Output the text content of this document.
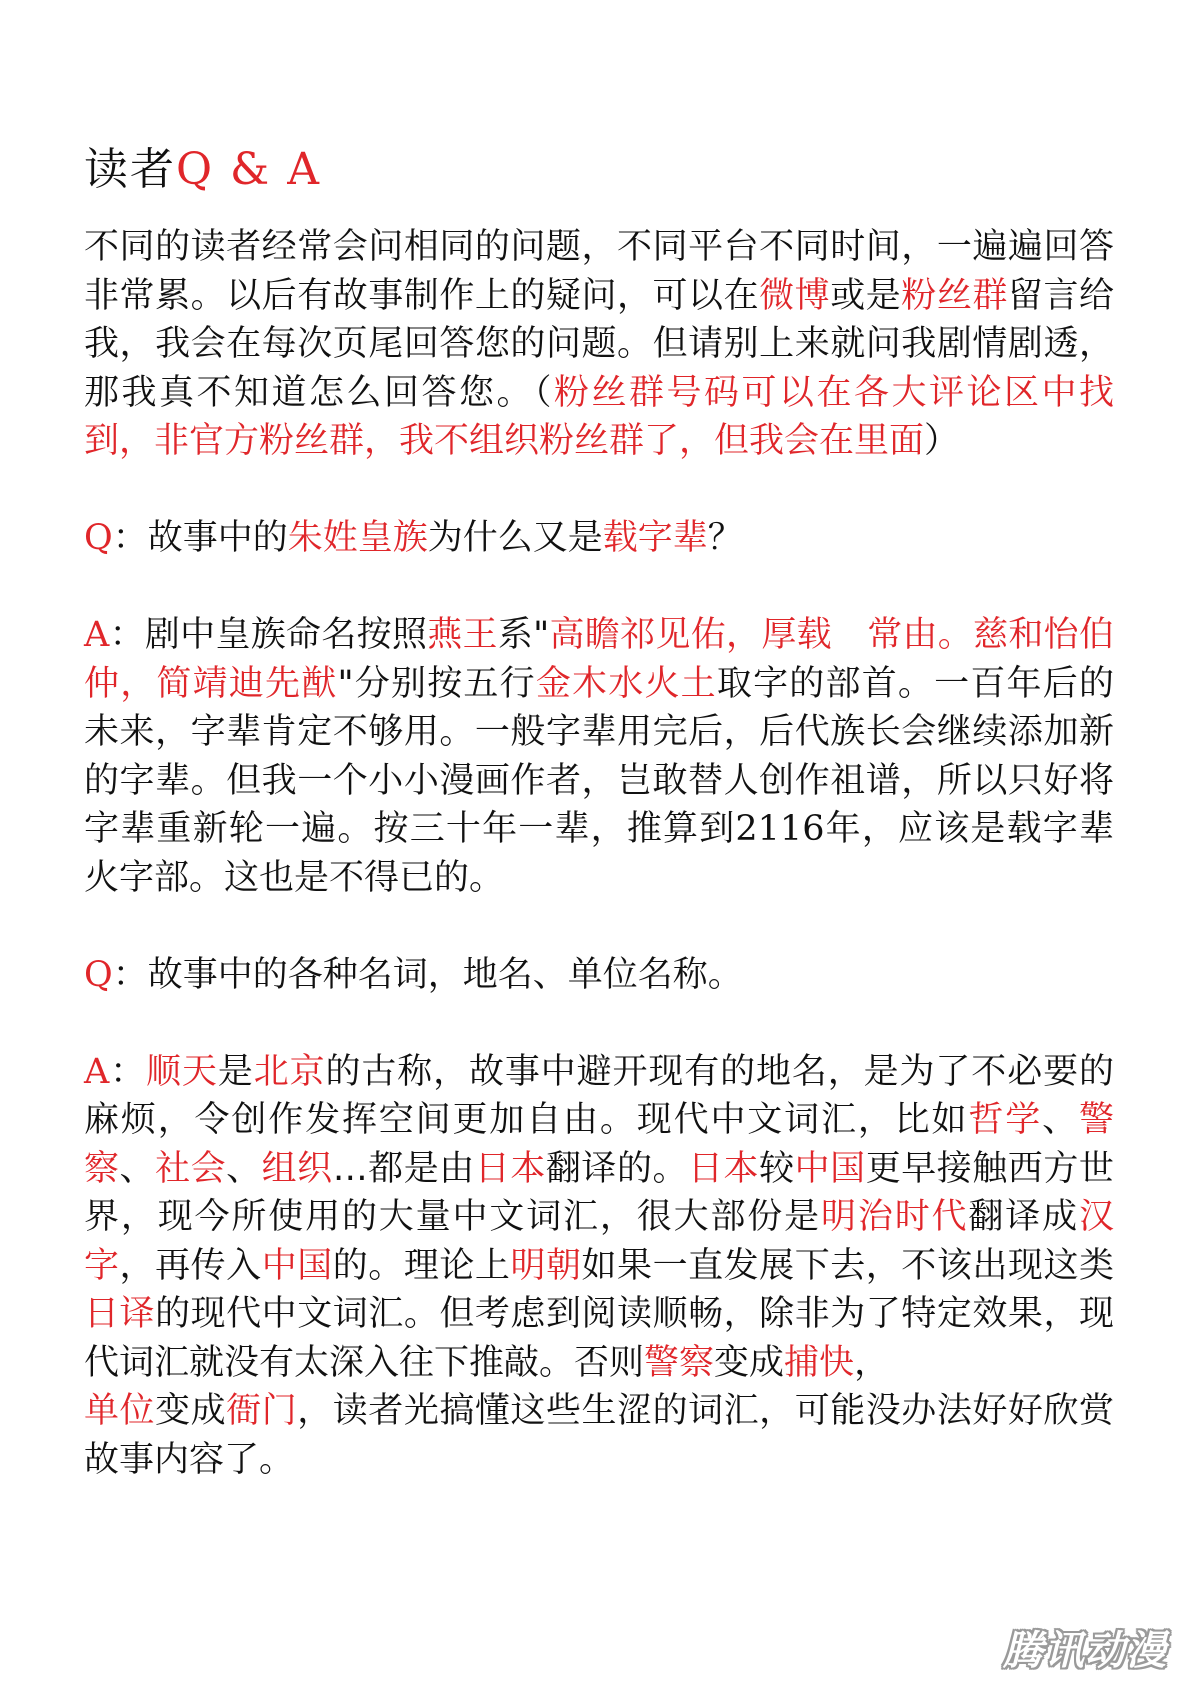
读者Q & A

不同的读者经常会问相同的问题，不同平台不同时间，一遍遍回答非常累。以后有故事制作上的疑问，可以在微博或是粉丝群留言给我，我会在每次页尾回答您的问题。但请别上来就问我剧情剧透，那我真不知道怎么回答您。（粉丝群号码可以在各大评论区中找到，非官方粉丝群，我不组织粉丝群了，但我会在里面）

Q：故事中的朱姓皇族为什么又是载字辈？

A：剧中皇族命名按照燕王系"高瞻祁见佑，厚载　常由。慈和怡伯仲，简靖迪先猷"分别按五行金木水火土取字的部首。一百年后的未来，字辈肯定不够用。一般字辈用完后，后代族长会继续添加新的字辈。但我一个小小漫画作者，岂敢替人创作祖谱，所以只好将字辈重新轮一遍。按三十年一辈，推算到2116年，应该是载字辈火字部。这也是不得已的。

Q：故事中的各种名词，地名、单位名称。

A：顺天是北京的古称，故事中避开现有的地名，是为了不必要的麻烦，令创作发挥空间更加自由。现代中文词汇，比如哲学、警察、社会、组织…都是由日本翻译的。日本较中国更早接触西方世界，现今所使用的大量中文词汇，很大部份是明治时代翻译成汉字，再传入中国的。理论上明朝如果一直发展下去，不该出现这类日译的现代中文词汇。但考虑到阅读顺畅，除非为了特定效果，现代词汇就没有太深入往下推敲。否则警察变成捕快，
单位变成衙门，读者光搞懂这些生涩的词汇，可能没办法好好欣赏故事内容了。

腾讯动漫
